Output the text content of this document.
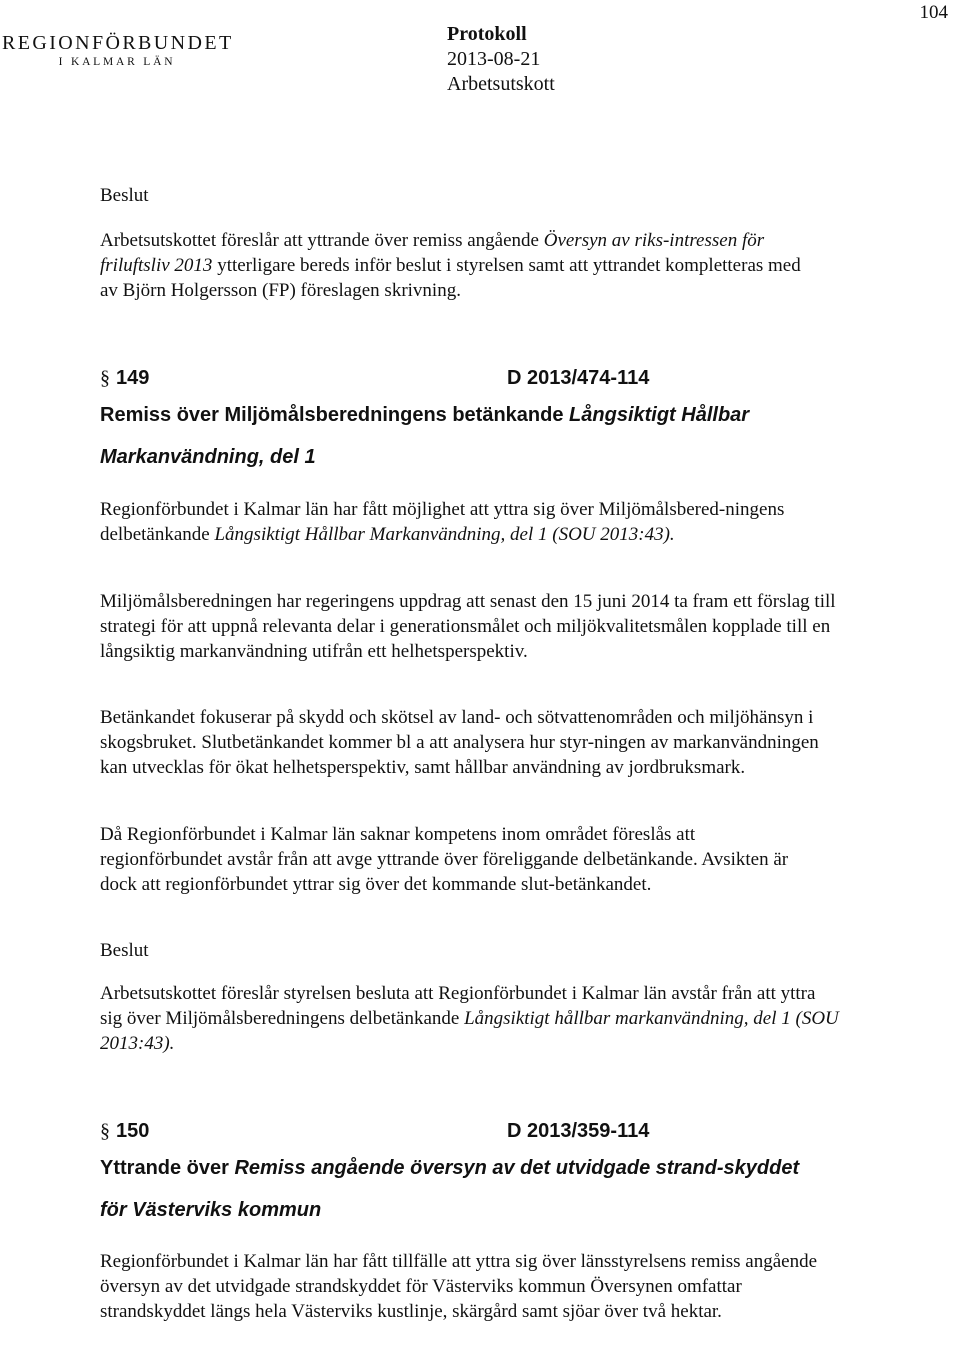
104
REGIONFÖRBUNDET
I KALMAR LÄN
Protokoll
2013-08-21
Arbetsutskott

Beslut

Arbetsutskottet föreslår att yttrande över remiss angående Översyn av riks-intressen för friluftsliv 2013 ytterligare bereds inför beslut i styrelsen samt att yttrandet kompletteras med av Björn Holgersson (FP) föreslagen skrivning.

§ 149	D 2013/474-114
Remiss över Miljömålsberedningens betänkande Långsiktigt Hållbar Markanvändning, del 1

Regionförbundet i Kalmar län har fått möjlighet att yttra sig över Miljömålsbered-ningens delbetänkande Långsiktigt Hållbar Markanvändning, del 1 (SOU 2013:43).

Miljömålsberedningen har regeringens uppdrag att senast den 15 juni 2014 ta fram ett förslag till strategi för att uppnå relevanta delar i generationsmålet och miljökvalitetsmålen kopplade till en långsiktig markanvändning utifrån ett helhetsperspektiv.

Betänkandet fokuserar på skydd och skötsel av land- och sötvattenområden och miljöhänsyn i skogsbruket. Slutbetänkandet kommer bl a att analysera hur styr-ningen av markanvändningen kan utvecklas för ökat helhetsperspektiv, samt hållbar användning av jordbruksmark.

Då Regionförbundet i Kalmar län saknar kompetens inom området föreslås att regionförbundet avstår från att avge yttrande över föreliggande delbetänkande. Avsikten är dock att regionförbundet yttrar sig över det kommande slut-betänkandet.

Beslut

Arbetsutskottet föreslår styrelsen besluta att Regionförbundet i Kalmar län avstår från att yttra sig över Miljömålsberedningens delbetänkande Långsiktigt hållbar markanvändning, del 1 (SOU 2013:43).

§ 150	D 2013/359-114
Yttrande över Remiss angående översyn av det utvidgade strand-skyddet för Västerviks kommun

Regionförbundet i Kalmar län har fått tillfälle att yttra sig över länsstyrelsens remiss angående översyn av det utvidgade strandskyddet för Västerviks kommun Översynen omfattar strandskyddet längs hela Västerviks kustlinje, skärgård samt sjöar över två hektar.
